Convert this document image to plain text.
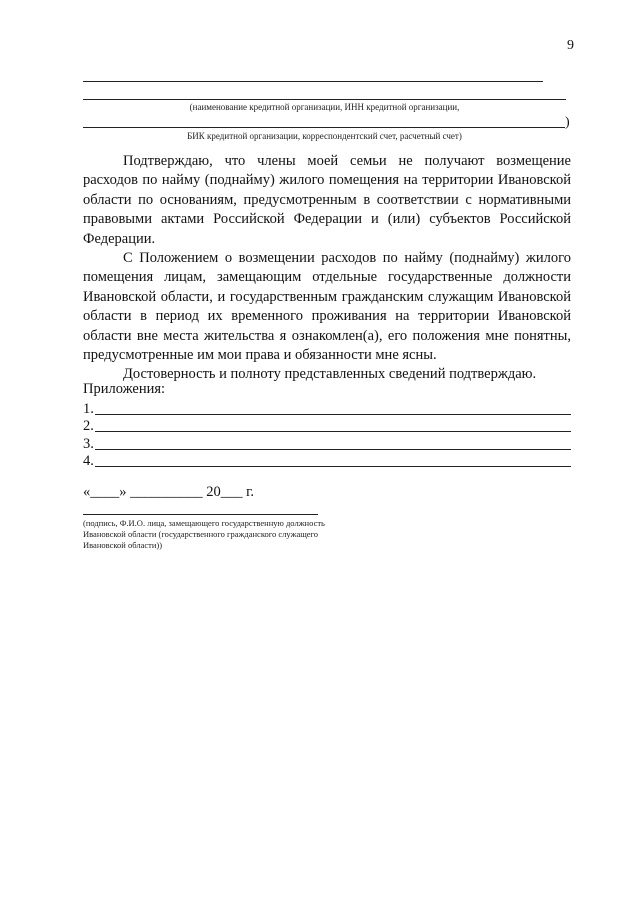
9
(наименование кредитной организации, ИНН кредитной организации,
)
БИК кредитной организации, корреспондентский счет, расчетный счет)

Подтверждаю, что члены моей семьи не получают возмещение расходов по найму (поднайму) жилого помещения на территории Ивановской области по основаниям, предусмотренным в соответствии с нормативными правовыми актами Российской Федерации и (или) субъектов Российской Федерации.

С Положением о возмещении расходов по найму (поднайму) жилого помещения лицам, замещающим отдельные государственные должности Ивановской области, и государственным гражданским служащим Ивановской области в период их временного проживания на территории Ивановской области вне места жительства я ознакомлен(а), его положения мне понятны, предусмотренные им мои права и обязанности мне ясны.

Достоверность и полноту представленных сведений подтверждаю.

Приложения:
1.
2.
3.
4.
«____» __________ 20___ г.
(подпись, Ф.И.О. лица, замещающего государственную должность Ивановской области (государственного гражданского служащего Ивановской области))
